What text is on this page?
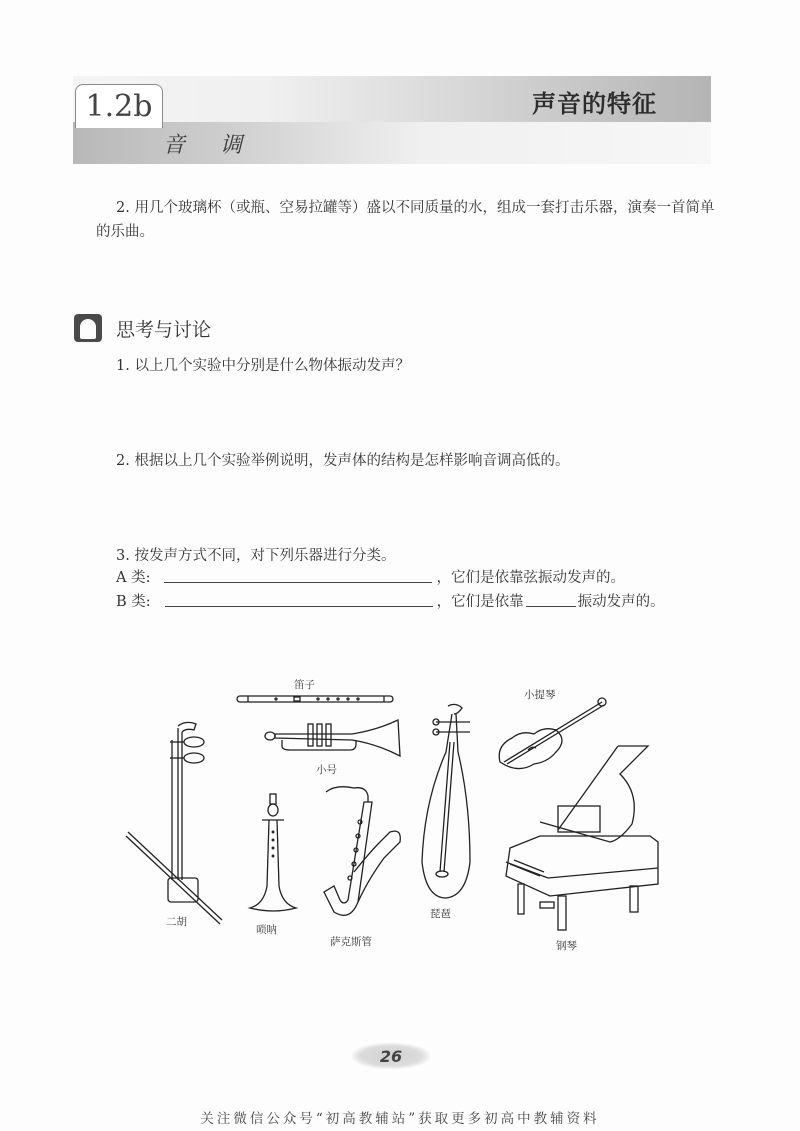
1.2b	声音的特征
音 调
2. 用几个玻璃杯（或瓶、空易拉罐等）盛以不同质量的水，组成一套打击乐器，演奏一首简单的乐曲。
思考与讨论
1. 以上几个实验中分别是什么物体振动发声？
2. 根据以上几个实验举例说明，发声体的结构是怎样影响音调高低的。
3. 按发声方式不同，对下列乐器进行分类。
A 类:	，它们是依靠弦振动发声的。
B 类:	，它们是依靠	振动发声的。
笛子
小号
小提琴
二胡
唢呐
萨克斯管
琵琶
钢琴
26
关注微信公众号“初高教辅站”获取更多初高中教辅资料
